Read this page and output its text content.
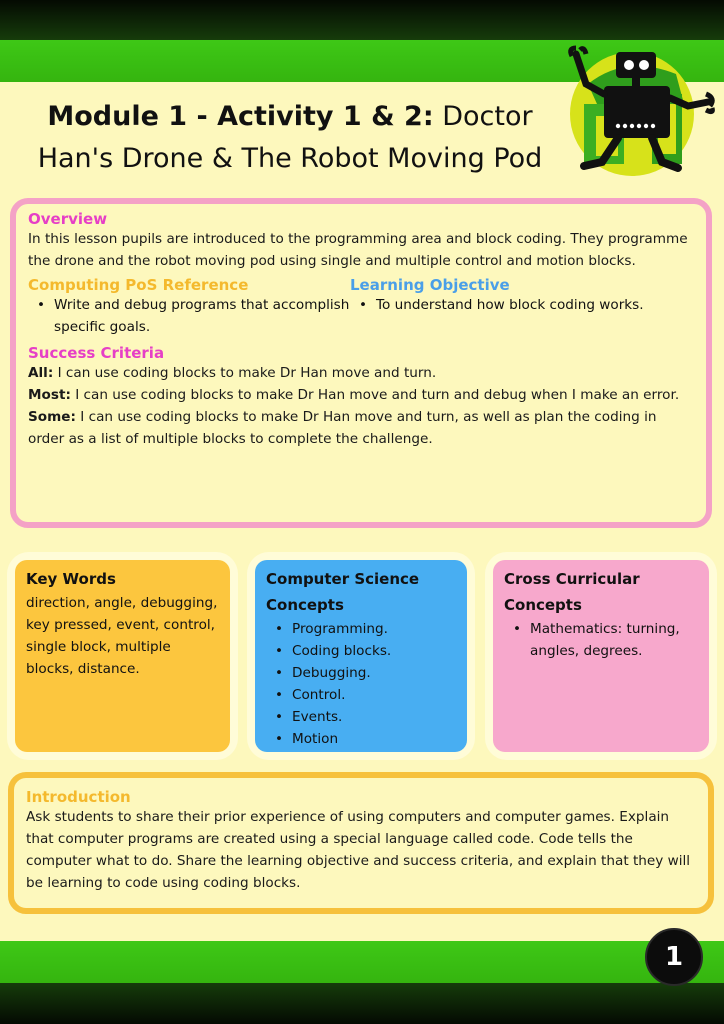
Module 1 - Activity 1 & 2: Doctor
Han's Drone & The Robot Moving Pod
Overview
In this lesson pupils are introduced to the programming area and block coding. They programme the drone and the robot moving pod using single and multiple control and motion blocks.
Computing PoS Reference
• Write and debug programs that accomplish specific goals.
Learning Objective
• To understand how block coding works.
Success Criteria
All: I can use coding blocks to make Dr Han move and turn.
Most: I can use coding blocks to make Dr Han move and turn and debug when I make an error.
Some: I can use coding blocks to make Dr Han move and turn, as well as plan the coding in order as a list of multiple blocks to complete the challenge.
Key Words
direction, angle, debugging, key pressed, event, control, single block, multiple blocks, distance.
Computer Science Concepts
• Programming.
• Coding blocks.
• Debugging.
• Control.
• Events.
• Motion
Cross Curricular Concepts
• Mathematics: turning, angles, degrees.
Introduction
Ask students to share their prior experience of using computers and computer games. Explain that computer programs are created using a special language called code. Code tells the computer what to do. Share the learning objective and success criteria, and explain that they will be learning to code using coding blocks.
1
